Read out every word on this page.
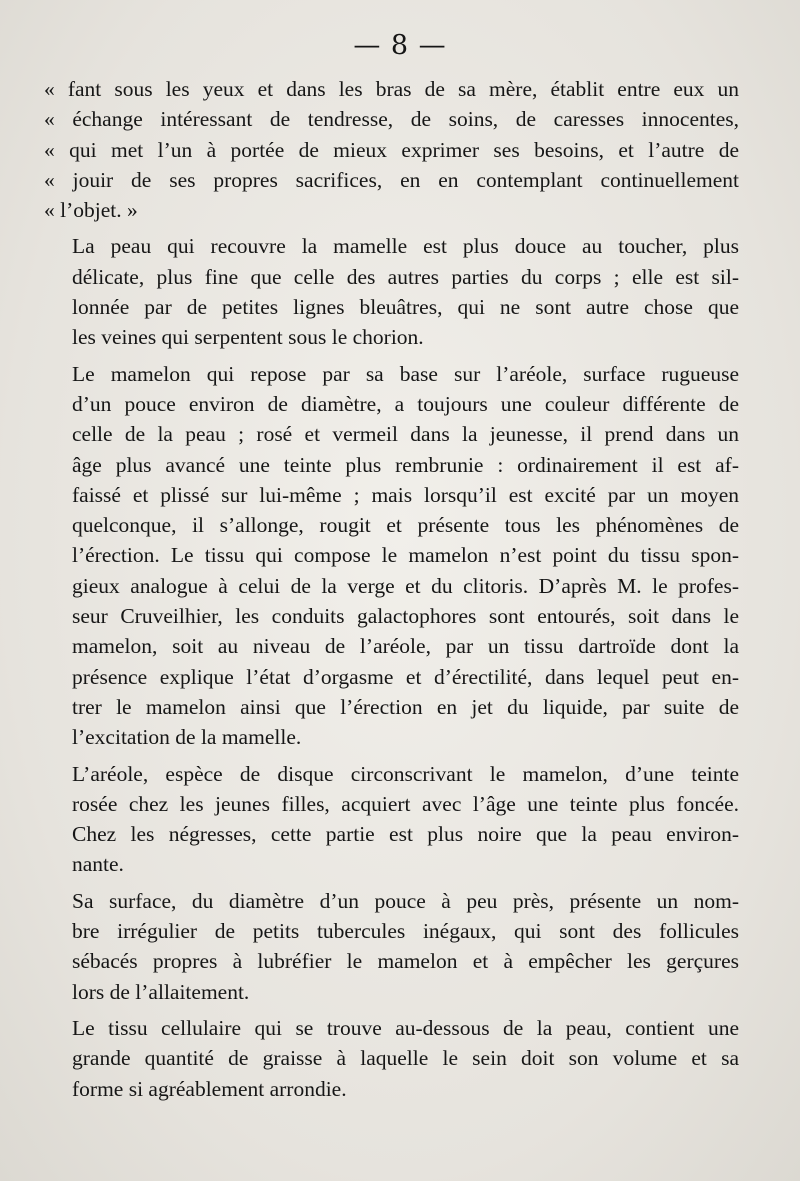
— 8 —

« fant sous les yeux et dans les bras de sa mère, établit entre eux un
« échange intéressant de tendresse, de soins, de caresses innocentes,
« qui met l’un à portée de mieux exprimer ses besoins, et l’autre de
« jouir de ses propres sacrifices, en en contemplant continuellement
« l’objet. »

La peau qui recouvre la mamelle est plus douce au toucher, plus
délicate, plus fine que celle des autres parties du corps ; elle est sil-
lonnée par de petites lignes bleuâtres, qui ne sont autre chose que
les veines qui serpentent sous le chorion.

Le mamelon qui repose par sa base sur l’aréole, surface rugueuse
d’un pouce environ de diamètre, a toujours une couleur différente de
celle de la peau ; rosé et vermeil dans la jeunesse, il prend dans un
âge plus avancé une teinte plus rembrunie : ordinairement il est af-
faissé et plissé sur lui-même ; mais lorsqu’il est excité par un moyen
quelconque, il s’allonge, rougit et présente tous les phénomènes de
l’érection. Le tissu qui compose le mamelon n’est point du tissu spon-
gieux analogue à celui de la verge et du clitoris. D’après M. le profes-
seur Cruveilhier, les conduits galactophores sont entourés, soit dans le
mamelon, soit au niveau de l’aréole, par un tissu dartroïde dont la
présence explique l’état d’orgasme et d’érectilité, dans lequel peut en-
trer le mamelon ainsi que l’érection en jet du liquide, par suite de
l’excitation de la mamelle.

L’aréole, espèce de disque circonscrivant le mamelon, d’une teinte
rosée chez les jeunes filles, acquiert avec l’âge une teinte plus foncée.
Chez les négresses, cette partie est plus noire que la peau environ-
nante.

Sa surface, du diamètre d’un pouce à peu près, présente un nom-
bre irrégulier de petits tubercules inégaux, qui sont des follicules
sébacés propres à lubréfier le mamelon et à empêcher les gerçures
lors de l’allaitement.

Le tissu cellulaire qui se trouve au-dessous de la peau, contient une
grande quantité de graisse à laquelle le sein doit son volume et sa
forme si agréablement arrondie.
